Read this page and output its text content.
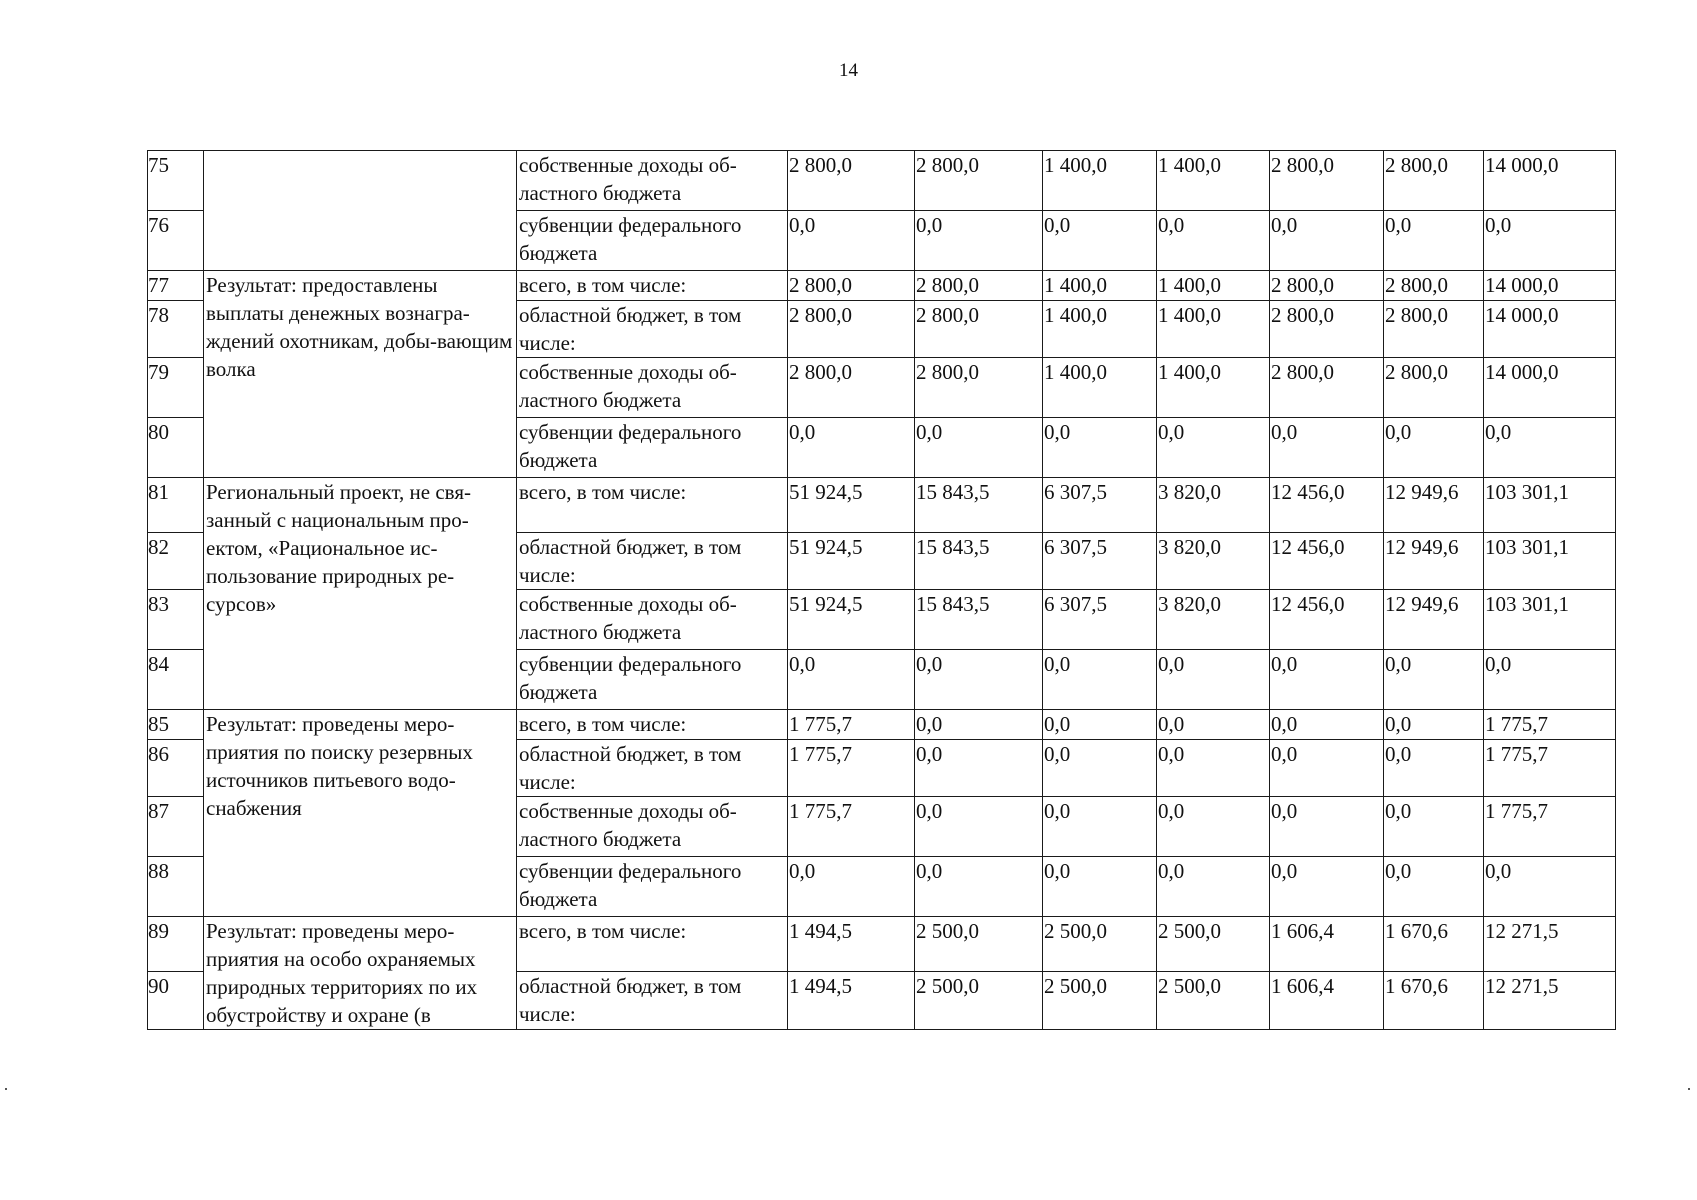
14
75		собственные доходы об-ластного бюджета	2 800,0	2 800,0	1 400,0	1 400,0	2 800,0	2 800,0	14 000,0
76		субвенции федерального бюджета	0,0	0,0	0,0	0,0	0,0	0,0	0,0
77	Результат: предоставлены выплаты денежных вознагра-ждений охотникам, добы-вающим волка	всего, в том числе:	2 800,0	2 800,0	1 400,0	1 400,0	2 800,0	2 800,0	14 000,0
78		областной бюджет, в том числе:	2 800,0	2 800,0	1 400,0	1 400,0	2 800,0	2 800,0	14 000,0
79		собственные доходы об-ластного бюджета	2 800,0	2 800,0	1 400,0	1 400,0	2 800,0	2 800,0	14 000,0
80		субвенции федерального бюджета	0,0	0,0	0,0	0,0	0,0	0,0	0,0
81	Региональный проект, не свя-занный с национальным про-ектом, «Рациональное ис-пользование природных ре-сурсов»	всего, в том числе:	51 924,5	15 843,5	6 307,5	3 820,0	12 456,0	12 949,6	103 301,1
82		областной бюджет, в том числе:	51 924,5	15 843,5	6 307,5	3 820,0	12 456,0	12 949,6	103 301,1
83		собственные доходы об-ластного бюджета	51 924,5	15 843,5	6 307,5	3 820,0	12 456,0	12 949,6	103 301,1
84		субвенции федерального бюджета	0,0	0,0	0,0	0,0	0,0	0,0	0,0
85	Результат: проведены меро-приятия по поиску резервных источников питьевого водо-снабжения	всего, в том числе:	1 775,7	0,0	0,0	0,0	0,0	0,0	1 775,7
86		областной бюджет, в том числе:	1 775,7	0,0	0,0	0,0	0,0	0,0	1 775,7
87		собственные доходы об-ластного бюджета	1 775,7	0,0	0,0	0,0	0,0	0,0	1 775,7
88		субвенции федерального бюджета	0,0	0,0	0,0	0,0	0,0	0,0	0,0
89	Результат: проведены меро-приятия на особо охраняемых природных территориях по их обустройству и охране (в	всего, в том числе:	1 494,5	2 500,0	2 500,0	2 500,0	1 606,4	1 670,6	12 271,5
90		областной бюджет, в том числе:	1 494,5	2 500,0	2 500,0	2 500,0	1 606,4	1 670,6	12 271,5
